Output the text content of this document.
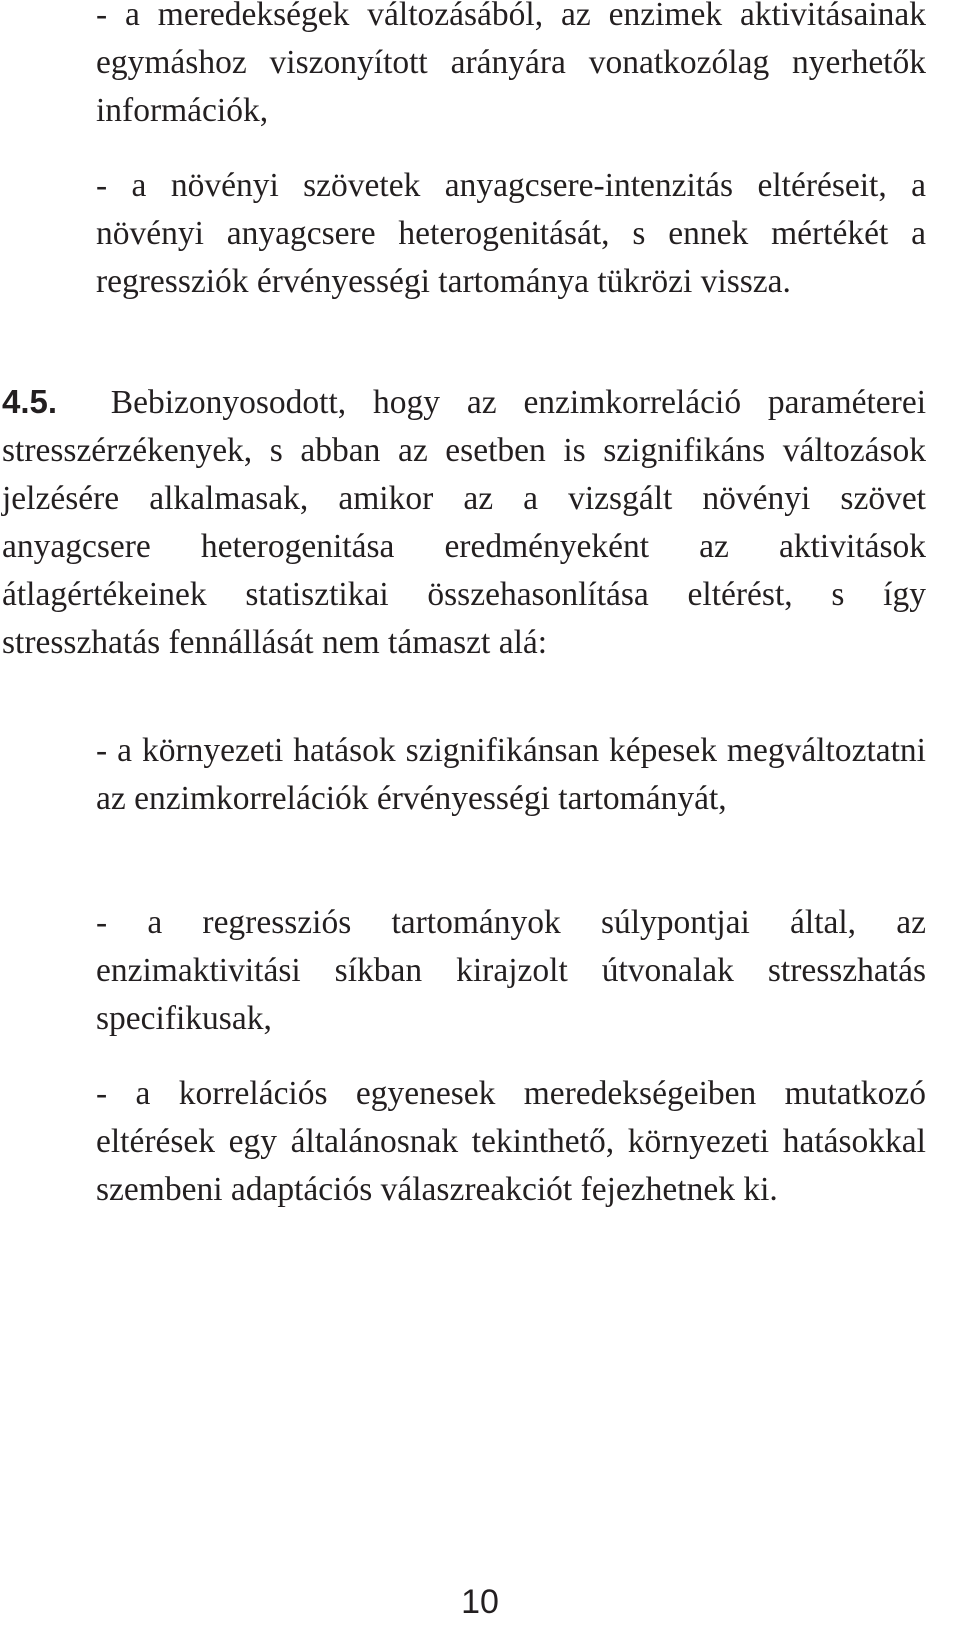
- a meredekségek változásából, az enzimek aktivitásainak egymáshoz viszonyított arányára vonatkozólag nyerhetők információk,

- a növényi szövetek anyagcsere-intenzitás eltéréseit, a növényi anyagcsere heterogenitását, s ennek mértékét a regressziók érvényességi tartománya tükrözi vissza.

4.5. Bebizonyosodott, hogy az enzimkorreláció paraméterei stresszérzékenyek, s abban az esetben is szignifikáns változások jelzésére alkalmasak, amikor az a vizsgált növényi szövet anyagcsere heterogenitása eredményeként az aktivitások átlagértékeinek statisztikai összehasonlítása eltérést, s így stresszhatás fennállását nem támaszt alá:

- a környezeti hatások szignifikánsan képesek megváltoztatni az enzimkorrelációk érvényességi tartományát,

- a regressziós tartományok súlypontjai által, az enzimaktivitási síkban kirajzolt útvonalak stresszhatás specifikusak,

- a korrelációs egyenesek meredekségeiben mutatkozó eltérések egy általánosnak tekinthető, környezeti hatásokkal szembeni adaptációs válaszreakciót fejezhetnek ki.

10
